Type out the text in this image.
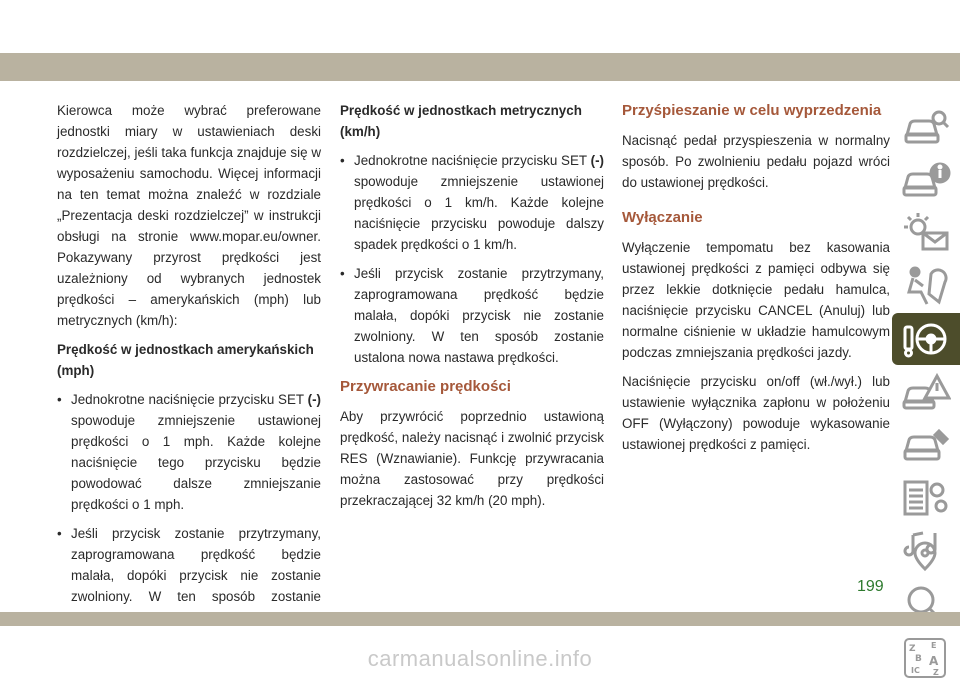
Kierowca może wybrać preferowane jednostki miary w ustawieniach deski rozdzielczej, jeśli taka funkcja znajduje się w wyposażeniu samochodu. Więcej informacji na ten temat można znaleźć w rozdziale „Prezentacja deski rozdzielczej” w instrukcji obsługi na stronie www.mopar.eu/owner. Pokazywany przyrost prędkości jest uzależniony od wybranych jednostek prędkości – amerykańskich (mph) lub metrycznych (km/h):

Prędkość w jednostkach amerykańskich (mph)

• Jednokrotne naciśnięcie przycisku SET (-) spowoduje zmniejszenie ustawionej prędkości o 1 mph. Każde kolejne naciśnięcie tego przycisku będzie powodować dalsze zmniejszanie prędkości o 1 mph.
• Jeśli przycisk zostanie przytrzymany, zaprogramowana prędkość będzie malała, dopóki przycisk nie zostanie zwolniony. W ten sposób zostanie

Prędkość w jednostkach metrycznych (km/h)

• Jednokrotne naciśnięcie przycisku SET (-) spowoduje zmniejszenie ustawionej prędkości o 1 km/h. Każde kolejne naciśnięcie przycisku powoduje dalszy spadek prędkości o 1 km/h.
• Jeśli przycisk zostanie przytrzymany, zaprogramowana prędkość będzie malała, dopóki przycisk nie zostanie zwolniony. W ten sposób zostanie ustalona nowa nastawa prędkości.
Przywracanie prędkości

Aby przywrócić poprzednio ustawioną prędkość, należy nacisnąć i zwolnić przycisk RES (Wznawianie). Funkcję przywracania można zastosować przy prędkości przekraczającej 32 km/h (20 mph).

Przyśpieszanie w celu wyprzedzenia

Nacisnąć pedał przyspieszenia w normalny sposób. Po zwolnieniu pedału pojazd wróci do ustawionej prędkości.

Wyłączanie

Wyłączenie tempomatu bez kasowania ustawionej prędkości z pamięci odbywa się przez lekkie dotknięcie pedału hamulca, naciśnięcie przycisku CANCEL (Anuluj) lub normalne ciśnienie w układzie hamulcowym podczas zmniejszania prędkości jazdy.

Naciśnięcie przycisku on/off (wł./wył.) lub ustawienie wyłącznika zapłonu w położeniu OFF (Wyłączony) powoduje wykasowanie ustawionej prędkości z pamięci.

Z E
B A
IC Z
199
carmanualsonline.info
